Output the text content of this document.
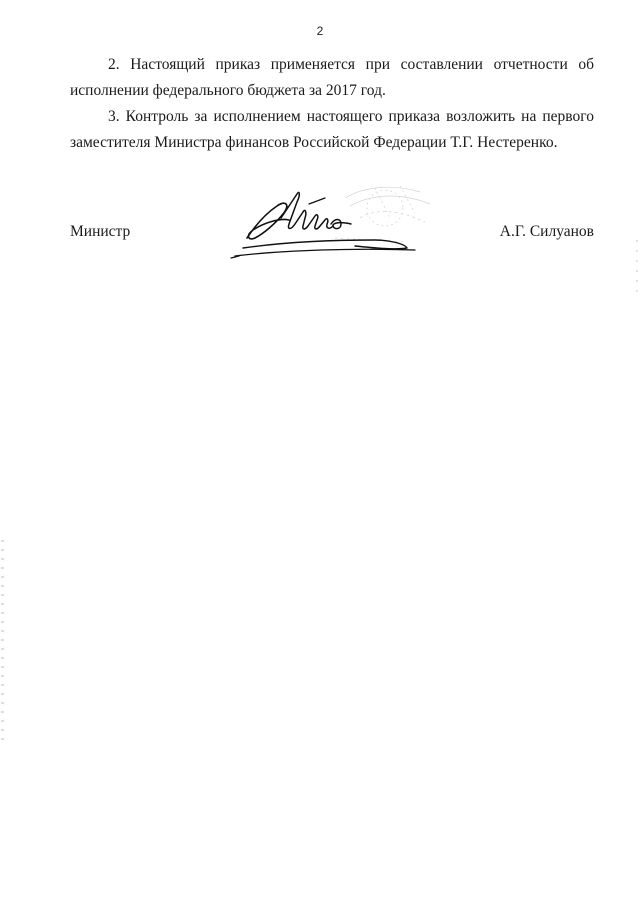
2

2. Настоящий приказ применяется при составлении отчетности об исполнении федерального бюджета за 2017 год.

3. Контроль за исполнением настоящего приказа возложить на первого заместителя Министра финансов Российской Федерации Т.Г. Нестеренко.

Министр	А.Г. Силуанов
